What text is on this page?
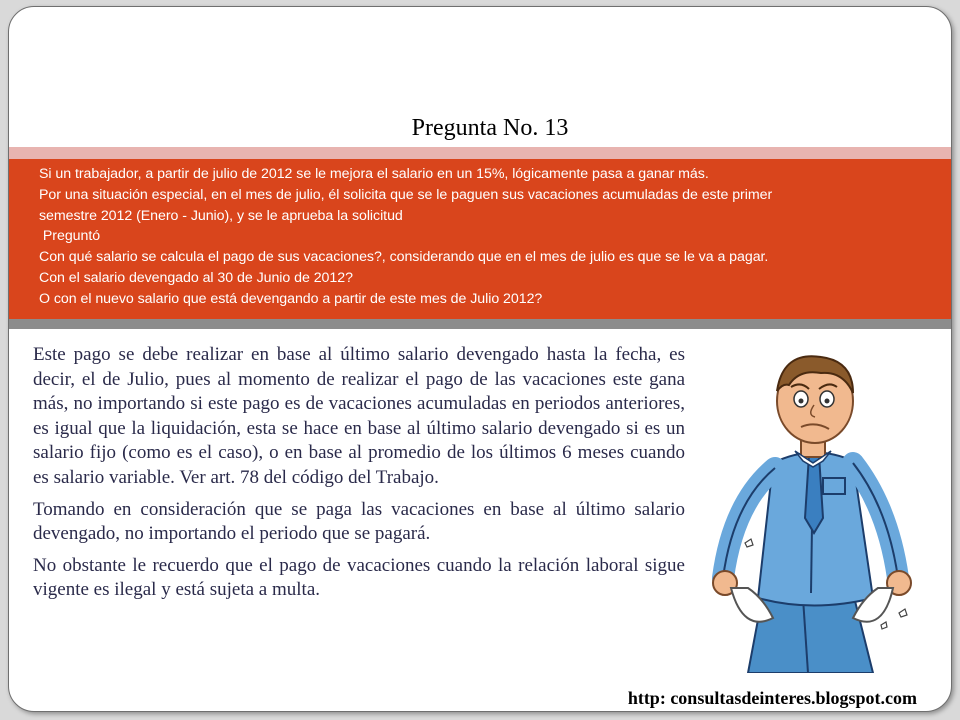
Pregunta No. 13
Si un trabajador, a partir de julio de 2012 se le mejora el salario en un 15%, lógicamente pasa a ganar más.
Por una situación especial, en el mes de julio, él solicita que se le paguen sus vacaciones acumuladas de este primer
semestre 2012 (Enero - Junio), y se le aprueba la solicitud
Preguntó
Con qué salario se calcula el pago de sus vacaciones?, considerando que en el mes de julio es que se le va a pagar.
Con el salario devengado al 30 de Junio de 2012?
O con el nuevo salario que está devengando a partir de este mes de Julio 2012?

Este pago se debe realizar en base al último salario devengado hasta la fecha, es decir, el de Julio, pues al momento de realizar el pago de las vacaciones este gana más, no importando si este pago es de vacaciones acumuladas en periodos anteriores, es igual que la liquidación, esta se hace en base al último salario devengado si es un salario fijo (como es el caso), o en base al promedio de los últimos 6 meses cuando es salario variable. Ver art. 78 del código del Trabajo.

Tomando en consideración que se paga las vacaciones en base al último salario devengado, no importando el periodo que se pagará.

No obstante le recuerdo que el pago de vacaciones cuando la relación laboral sigue vigente es ilegal y está sujeta a multa.

http: consultasdeinteres.blogspot.com
